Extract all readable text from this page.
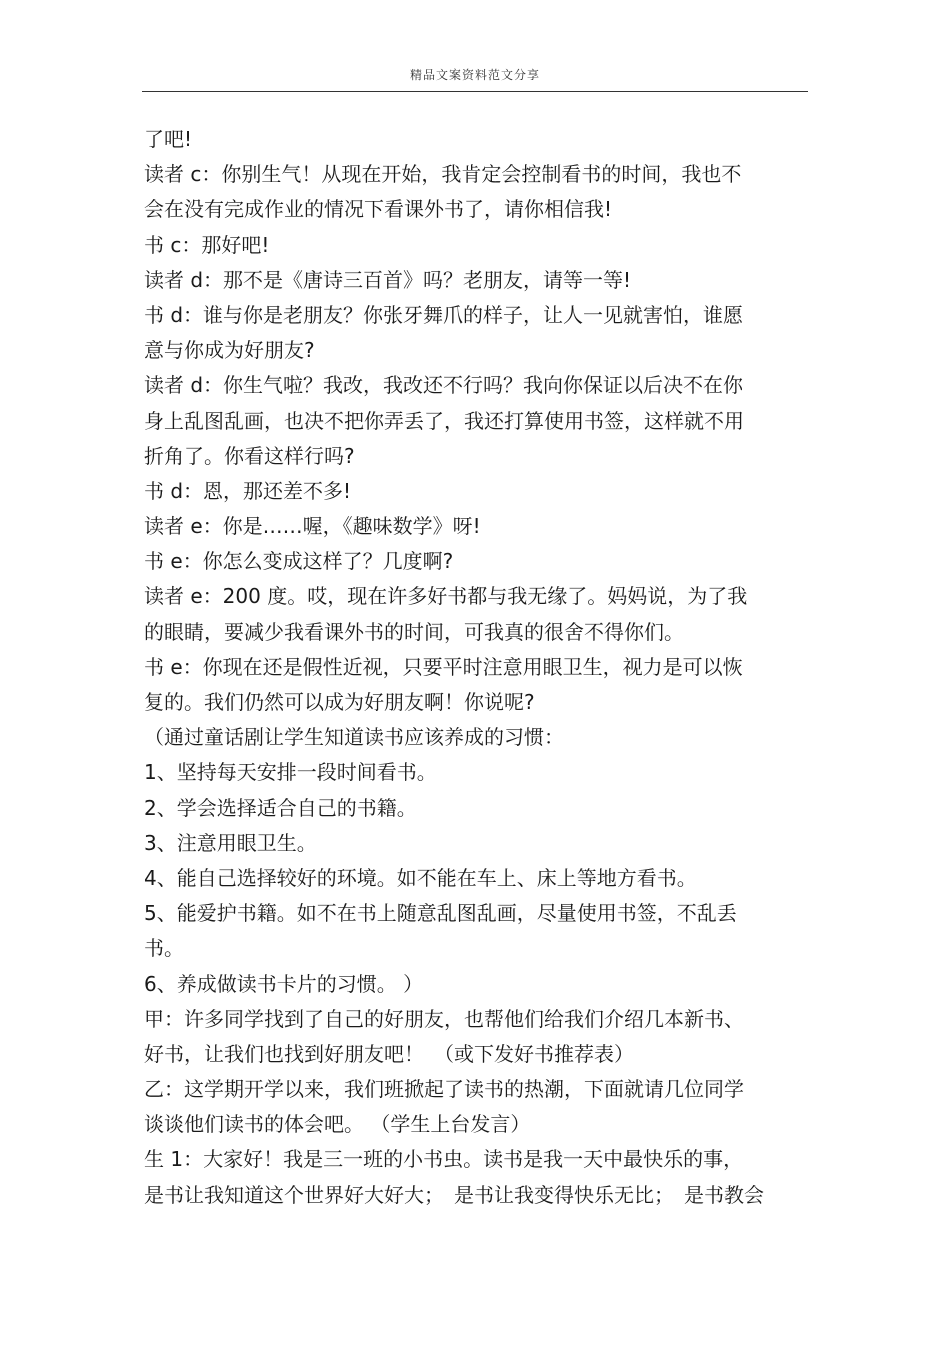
精品文案资料范文分享
了吧!
读者 c：你别生气！从现在开始，我肯定会控制看书的时间，我也不
会在没有完成作业的情况下看课外书了，请你相信我!
书 c：那好吧!
读者 d：那不是《唐诗三百首》吗？老朋友，请等一等!
书 d：谁与你是老朋友？你张牙舞爪的样子，让人一见就害怕，谁愿
意与你成为好朋友?
读者 d：你生气啦？我改，我改还不行吗？我向你保证以后决不在你
身上乱图乱画，也决不把你弄丢了，我还打算使用书签，这样就不用
折角了。你看这样行吗?
书 d：恩，那还差不多!
读者 e：你是……喔，《趣味数学》呀!
书 e：你怎么变成这样了？几度啊?
读者 e：200 度。哎，现在许多好书都与我无缘了。妈妈说，为了我
的眼睛，要减少我看课外书的时间，可我真的很舍不得你们。
书 e：你现在还是假性近视，只要平时注意用眼卫生，视力是可以恢
复的。我们仍然可以成为好朋友啊！你说呢?
（通过童话剧让学生知道读书应该养成的习惯：
1、坚持每天安排一段时间看书。
2、学会选择适合自己的书籍。
3、注意用眼卫生。
4、能自己选择较好的环境。如不能在车上、床上等地方看书。
5、能爱护书籍。如不在书上随意乱图乱画，尽量使用书签，不乱丢
书。
6、养成做读书卡片的习惯。 ）
甲：许多同学找到了自己的好朋友，也帮他们给我们介绍几本新书、
好书，让我们也找到好朋友吧！　（或下发好书推荐表）
乙：这学期开学以来，我们班掀起了读书的热潮，下面就请几位同学
谈谈他们读书的体会吧。 （学生上台发言）
生 1：大家好！我是三一班的小书虫。读书是我一天中最快乐的事，
是书让我知道这个世界好大好大；　是书让我变得快乐无比；　是书教会
